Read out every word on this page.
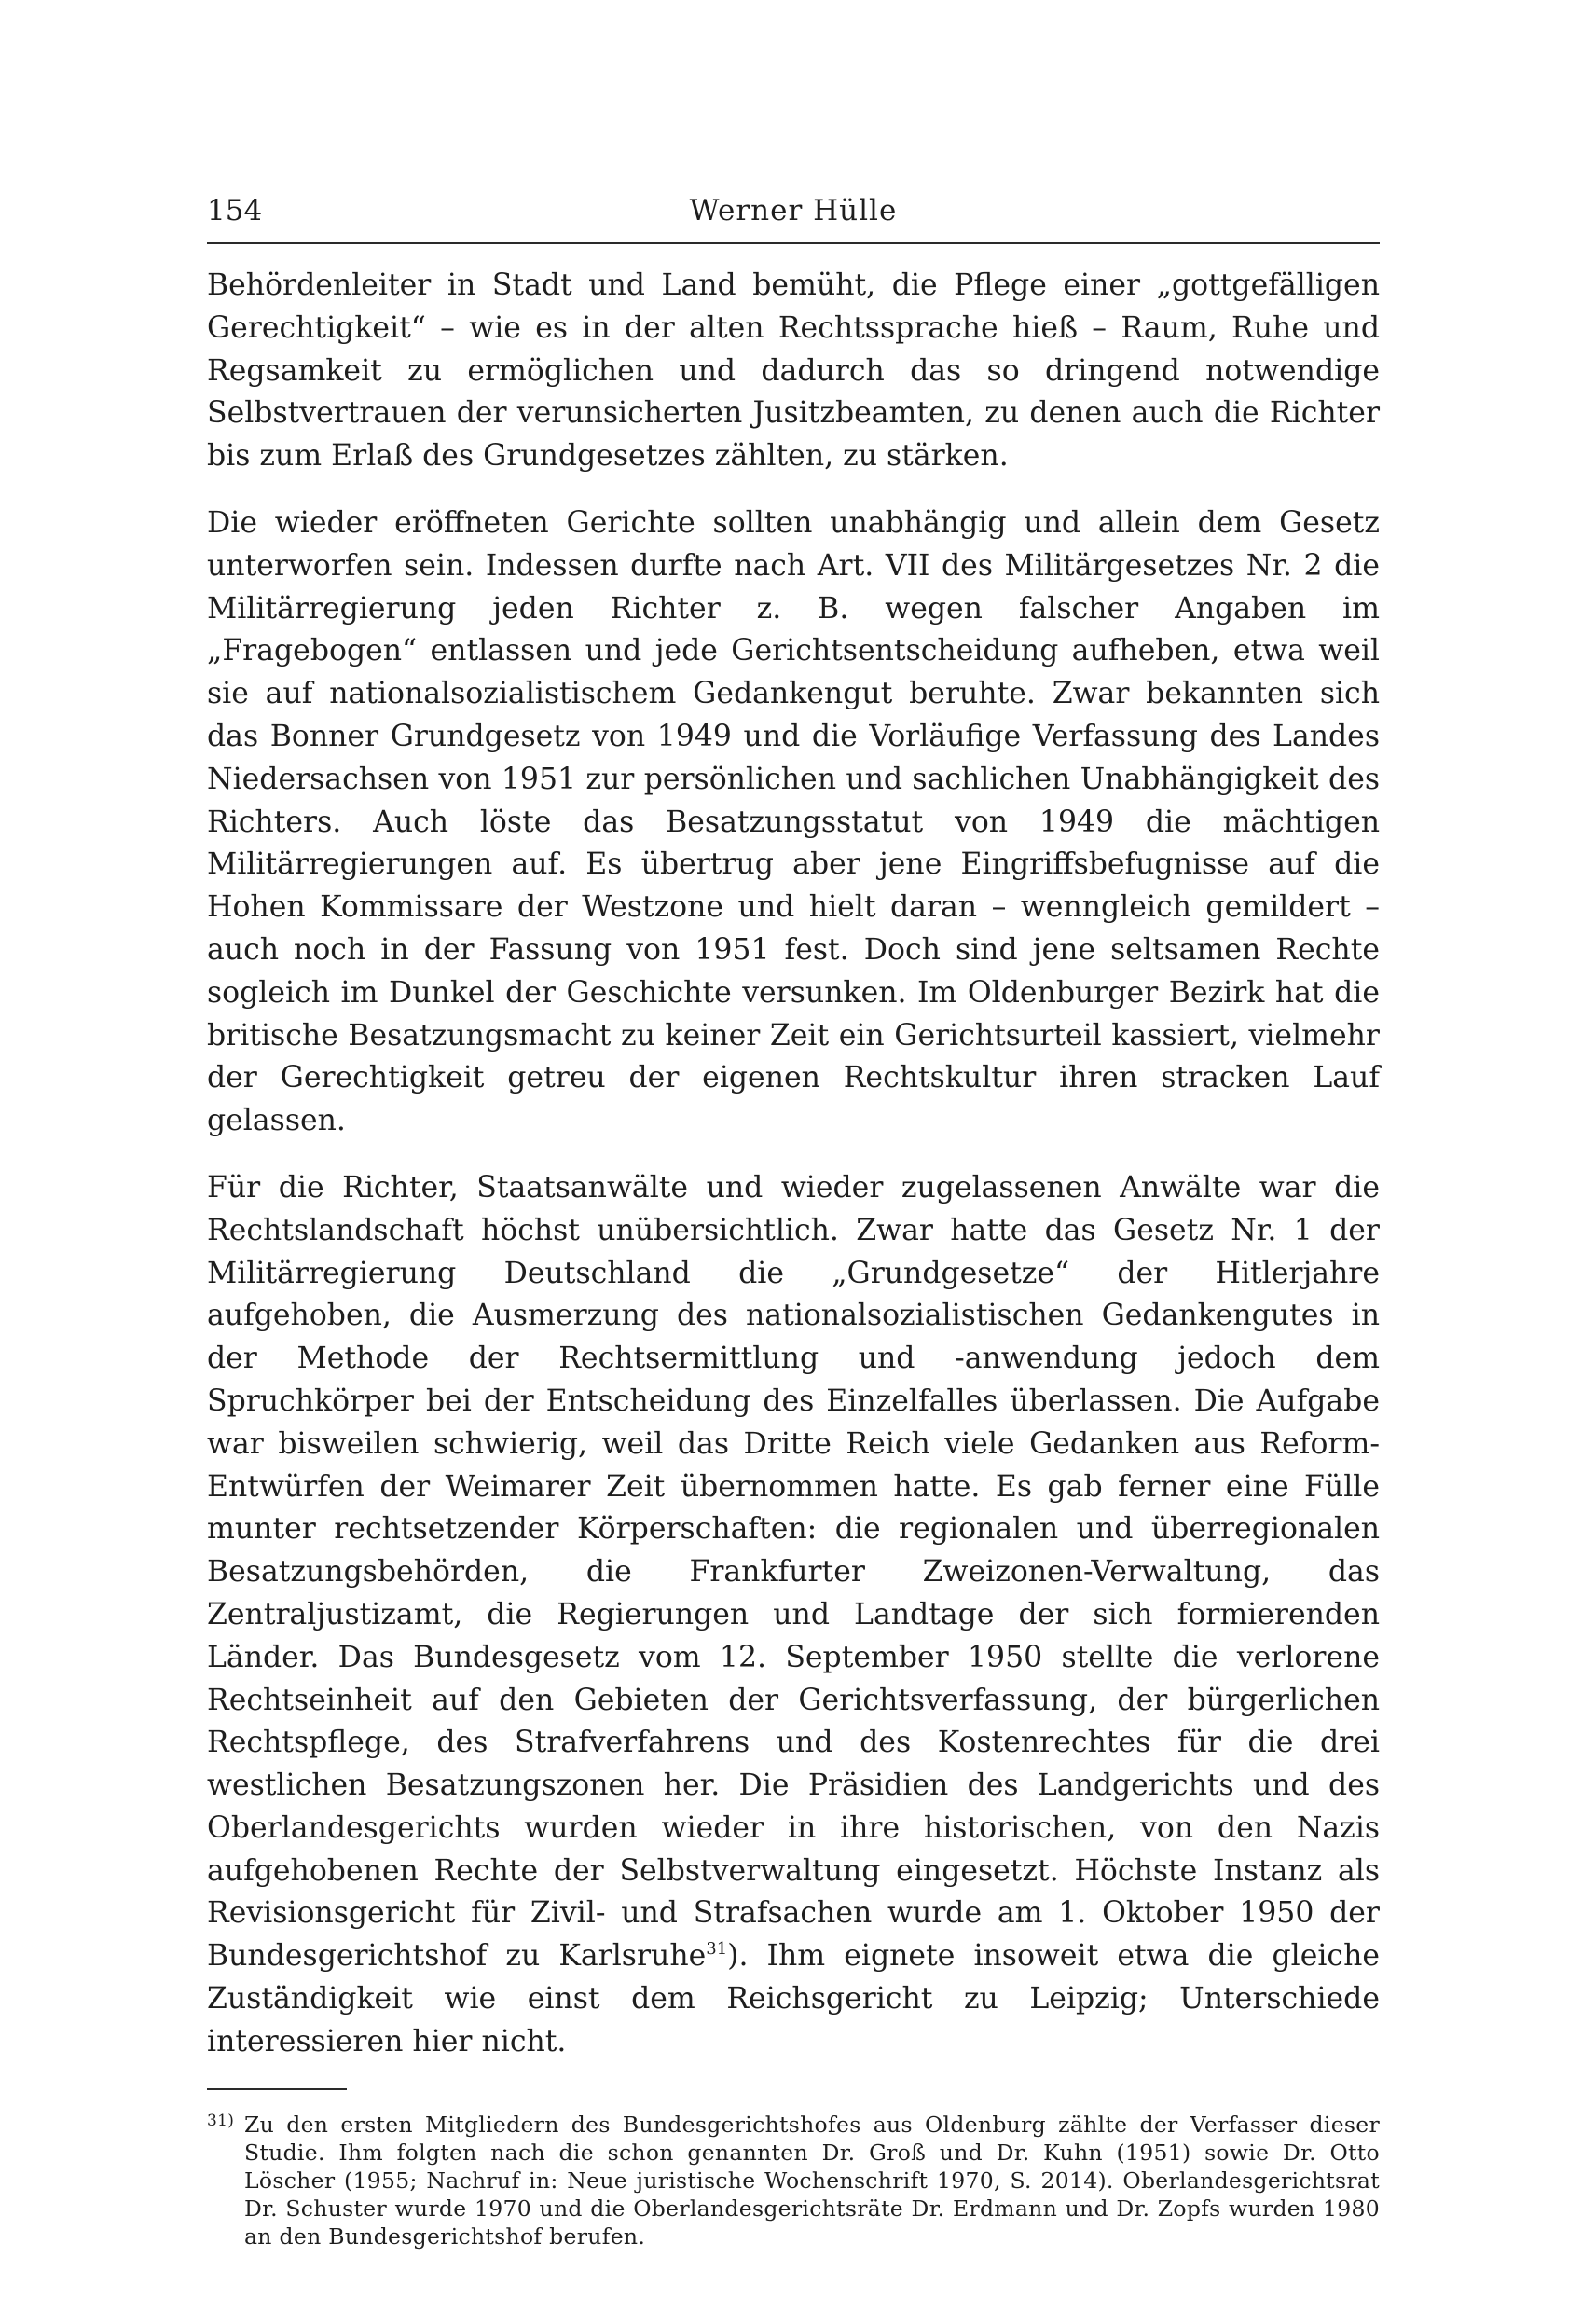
154	Werner Hülle

Behördenleiter in Stadt und Land bemüht, die Pflege einer „gottgefälligen Gerechtigkeit“ – wie es in der alten Rechtssprache hieß – Raum, Ruhe und Regsamkeit zu ermöglichen und dadurch das so dringend notwendige Selbstvertrauen der verunsicherten Jusitzbeamten, zu denen auch die Richter bis zum Erlaß des Grundgesetzes zählten, zu stärken.

Die wieder eröffneten Gerichte sollten unabhängig und allein dem Gesetz unterworfen sein. Indessen durfte nach Art. VII des Militärgesetzes Nr. 2 die Militärregierung jeden Richter z. B. wegen falscher Angaben im „Fragebogen“ entlassen und jede Gerichtsentscheidung aufheben, etwa weil sie auf nationalsozialistischem Gedankengut beruhte. Zwar bekannten sich das Bonner Grundgesetz von 1949 und die Vorläufige Verfassung des Landes Niedersachsen von 1951 zur persönlichen und sachlichen Unabhängigkeit des Richters. Auch löste das Besatzungsstatut von 1949 die mächtigen Militärregierungen auf. Es übertrug aber jene Eingriffsbefugnisse auf die Hohen Kommissare der Westzone und hielt daran – wenngleich gemildert – auch noch in der Fassung von 1951 fest. Doch sind jene seltsamen Rechte sogleich im Dunkel der Geschichte versunken. Im Oldenburger Bezirk hat die britische Besatzungsmacht zu keiner Zeit ein Gerichtsurteil kassiert, vielmehr der Gerechtigkeit getreu der eigenen Rechtskultur ihren stracken Lauf gelassen.

Für die Richter, Staatsanwälte und wieder zugelassenen Anwälte war die Rechtslandschaft höchst unübersichtlich. Zwar hatte das Gesetz Nr. 1 der Militärregierung Deutschland die „Grundgesetze“ der Hitlerjahre aufgehoben, die Ausmerzung des nationalsozialistischen Gedankengutes in der Methode der Rechtsermittlung und -anwendung jedoch dem Spruchkörper bei der Entscheidung des Einzelfalles überlassen. Die Aufgabe war bisweilen schwierig, weil das Dritte Reich viele Gedanken aus Reform-Entwürfen der Weimarer Zeit übernommen hatte. Es gab ferner eine Fülle munter rechtsetzender Körperschaften: die regionalen und überregionalen Besatzungsbehörden, die Frankfurter Zweizonen-Verwaltung, das Zentraljustizamt, die Regierungen und Landtage der sich formierenden Länder. Das Bundesgesetz vom 12. September 1950 stellte die verlorene Rechtseinheit auf den Gebieten der Gerichtsverfassung, der bürgerlichen Rechtspflege, des Strafverfahrens und des Kostenrechtes für die drei westlichen Besatzungszonen her. Die Präsidien des Landgerichts und des Oberlandesgerichts wurden wieder in ihre historischen, von den Nazis aufgehobenen Rechte der Selbstverwaltung eingesetzt. Höchste Instanz als Revisionsgericht für Zivil- und Strafsachen wurde am 1. Oktober 1950 der Bundesgerichtshof zu Karlsruhe$^{31}$). Ihm eignete insoweit etwa die gleiche Zuständigkeit wie einst dem Reichsgericht zu Leipzig; Unterschiede interessieren hier nicht.

31) Zu den ersten Mitgliedern des Bundesgerichtshofes aus Oldenburg zählte der Verfasser dieser Studie. Ihm folgten nach die schon genannten Dr. Groß und Dr. Kuhn (1951) sowie Dr. Otto Löscher (1955; Nachruf in: Neue juristische Wochenschrift 1970, S. 2014). Oberlandesgerichtsrat Dr. Schuster wurde 1970 und die Oberlandesgerichtsräte Dr. Erdmann und Dr. Zopfs wurden 1980 an den Bundesgerichtshof berufen.
